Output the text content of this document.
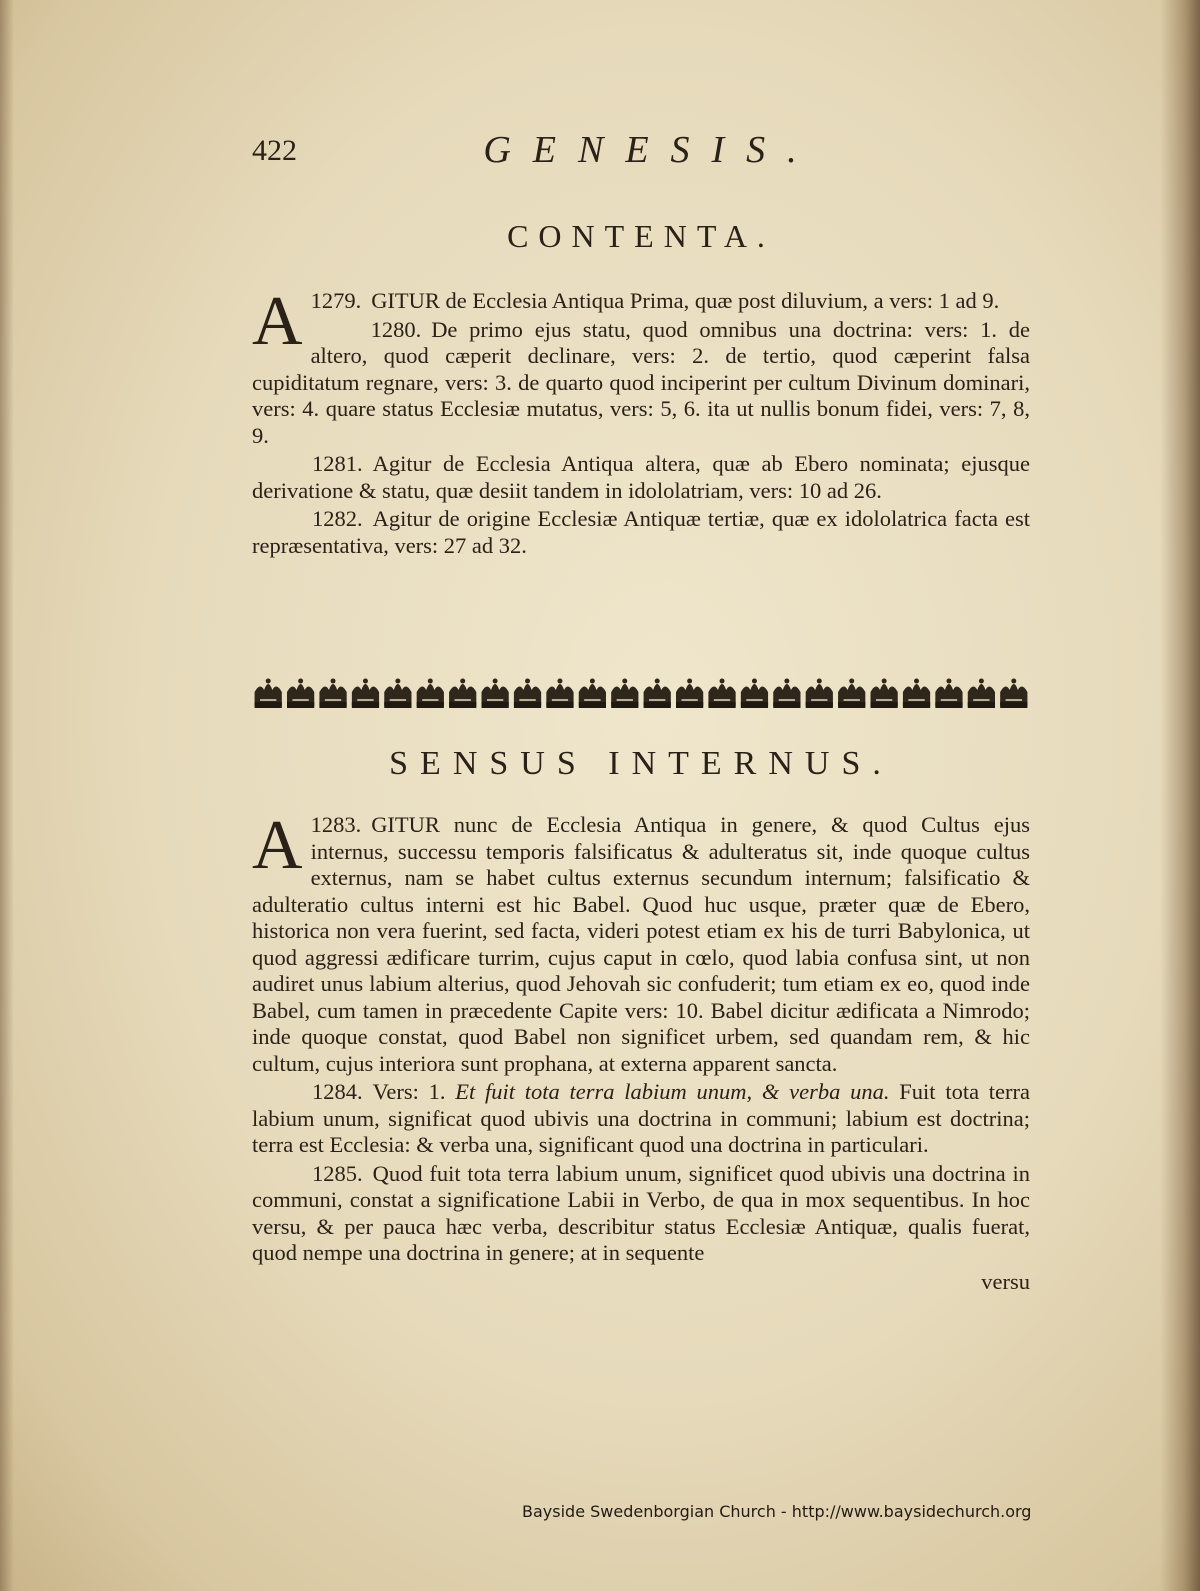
422	GENESIS.
CONTENTA.

1279.
A	GITUR de Ecclesia Antiqua Prima, quæ post diluvium, a vers: 1 ad 9.

1280. De primo ejus statu, quod omnibus una doctrina: vers: 1. de altero, quod cæperit declinare, vers: 2. de tertio, quod cæperint falsa cupiditatum regnare, vers: 3. de quarto quod inciperint per cultum Divinum dominari, vers: 4. quare status Ecclesiæ mutatus, vers: 5, 6. ita ut nullis bonum fidei, vers: 7, 8, 9.

1281. Agitur de Ecclesia Antiqua altera, quæ ab Ebero nominata; ejusque derivatione & statu, quæ desiit tandem in idololatriam, vers: 10 ad 26.

1282. Agitur de origine Ecclesiæ Antiquæ tertiæ, quæ ex idololatrica facta est repræsentativa, vers: 27 ad 32.

SENSUS INTERNUS.

1283.
A	GITUR nunc de Ecclesia Antiqua in genere, & quod Cultus ejus internus, successu temporis falsificatus & adulteratus sit, inde quoque cultus externus, nam se habet cultus externus secundum internum; falsificatio & adulteratio cultus interni est hic Babel. Quod huc usque, præter quæ de Ebero, historica non vera fuerint, sed facta, videri potest etiam ex his de turri Babylonica, ut quod aggressi ædificare turrim, cujus caput in cœlo, quod labia confusa sint, ut non audiret unus labium alterius, quod Jehovah sic confuderit; tum etiam ex eo, quod inde Babel, cum tamen in præcedente Capite vers: 10. Babel dicitur ædificata a Nimrodo; inde quoque constat, quod Babel non significet urbem, sed quandam rem, & hic cultum, cujus interiora sunt prophana, at externa apparent sancta.

1284. Vers: 1. Et fuit tota terra labium unum, & verba una. Fuit tota terra labium unum, significat quod ubivis una doctrina in communi; labium est doctrina; terra est Ecclesia: & verba una, significant quod una doctrina in particulari.

1285. Quod fuit tota terra labium unum, significet quod ubivis una doctrina in communi, constat a significatione Labii in Verbo, de qua in mox sequentibus. In hoc versu, & per pauca hæc verba, describitur status Ecclesiæ Antiquæ, qualis fuerat, quod nempe una doctrina in genere; at in sequente

versu

Bayside Swedenborgian Church - http://www.baysidechurch.org
